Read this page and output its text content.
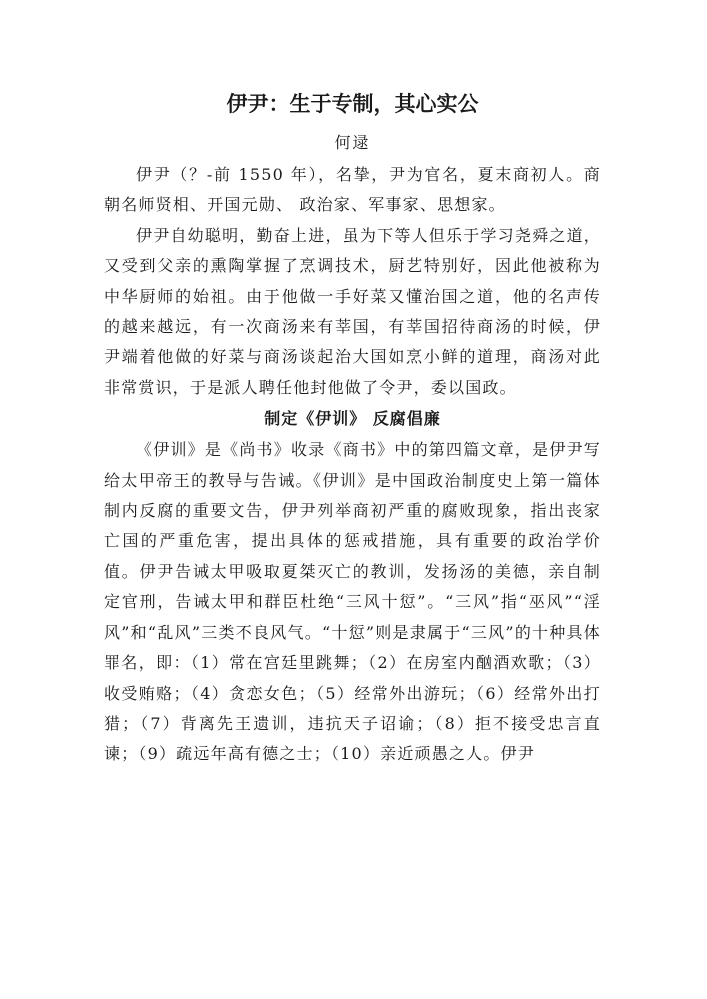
伊尹：生于专制，其心实公
何逯

伊尹（？-前 1550 年），名挚，尹为官名，夏末商初人。商朝名师贤相、开国元勋、 政治家、军事家、思想家。

伊尹自幼聪明，勤奋上进，虽为下等人但乐于学习尧舜之道，又受到父亲的熏陶掌握了烹调技术，厨艺特别好，因此他被称为中华厨师的始祖。由于他做一手好菜又懂治国之道，他的名声传的越来越远，有一次商汤来有莘国，有莘国招待商汤的时候，伊尹端着他做的好菜与商汤谈起治大国如烹小鲜的道理，商汤对此非常赏识，于是派人聘任他封他做了令尹，委以国政。

制定《伊训》 反腐倡廉

《伊训》是《尚书》收录《商书》中的第四篇文章，是伊尹写给太甲帝王的教导与告诫。《伊训》是中国政治制度史上第一篇体制内反腐的重要文告，伊尹列举商初严重的腐败现象，指出丧家亡国的严重危害，提出具体的惩戒措施，具有重要的政治学价值。伊尹告诫太甲吸取夏桀灭亡的教训，发扬汤的美德，亲自制定官刑，告诫太甲和群臣杜绝“三风十愆”。“三风”指“巫风”“淫风”和“乱风”三类不良风气。“十愆”则是隶属于“三风”的十种具体罪名，即：（1）常在宫廷里跳舞；（2）在房室内酗酒欢歌；（3）收受贿赂；（4）贪恋女色；（5）经常外出游玩；（6）经常外出打猎；（7）背离先王遗训，违抗天子诏谕；（8）拒不接受忠言直谏；（9）疏远年高有德之士；（10）亲近顽愚之人。伊尹
